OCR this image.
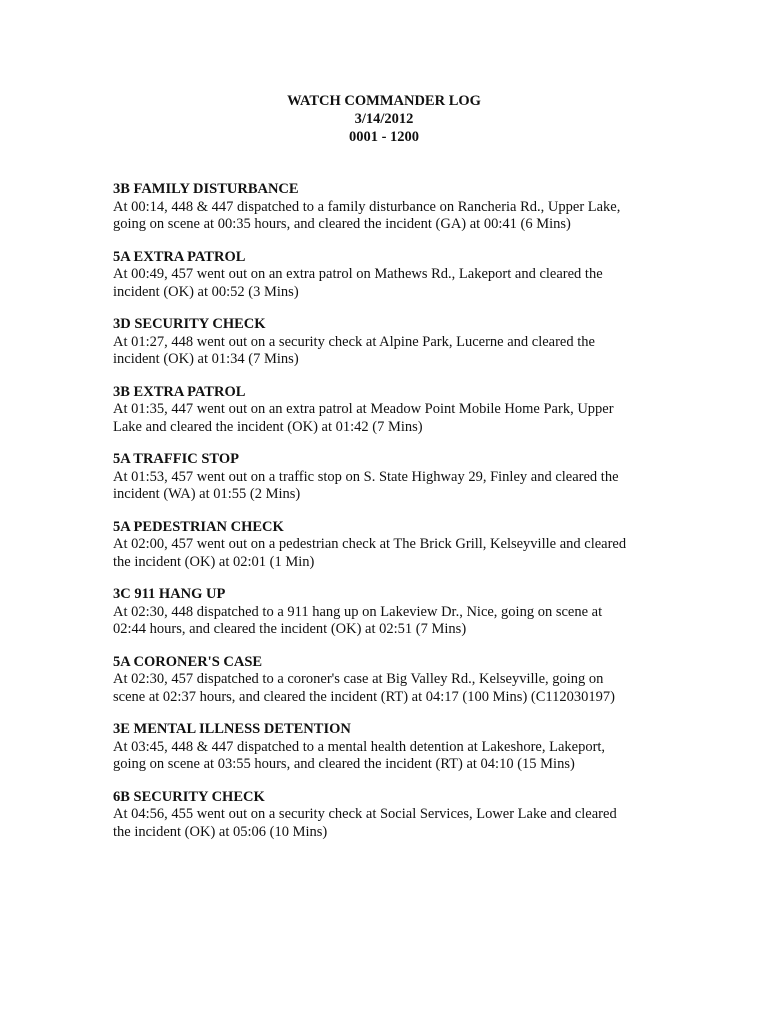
WATCH COMMANDER LOG
3/14/2012
0001 - 1200
3B FAMILY DISTURBANCE
At 00:14, 448 & 447 dispatched to a family disturbance on Rancheria Rd., Upper Lake,
going on scene at 00:35 hours, and cleared the incident (GA) at 00:41 (6 Mins)
5A EXTRA PATROL
At 00:49, 457 went out on an extra patrol on Mathews Rd., Lakeport and cleared the
incident (OK) at 00:52 (3 Mins)
3D SECURITY CHECK
At 01:27, 448 went out on a security check at Alpine Park, Lucerne and cleared the
incident (OK) at 01:34 (7 Mins)
3B EXTRA PATROL
At 01:35, 447 went out on an extra patrol at Meadow Point Mobile Home Park, Upper
Lake and cleared the incident (OK) at 01:42 (7 Mins)
5A TRAFFIC STOP
At 01:53, 457 went out on a traffic stop on S. State Highway 29, Finley and cleared the
incident (WA) at 01:55 (2 Mins)
5A PEDESTRIAN CHECK
At 02:00, 457 went out on a pedestrian check at The Brick Grill, Kelseyville and cleared
the incident (OK) at 02:01 (1 Min)
3C 911 HANG UP
At 02:30, 448 dispatched to a 911 hang up on Lakeview Dr., Nice, going on scene at
02:44 hours, and cleared the incident (OK) at 02:51 (7 Mins)
5A CORONER'S CASE
At 02:30, 457 dispatched to a coroner's case at Big Valley Rd., Kelseyville, going on
scene at 02:37 hours, and cleared the incident (RT) at 04:17 (100 Mins) (C112030197)
3E MENTAL ILLNESS DETENTION
At 03:45, 448 & 447 dispatched to a mental health detention at Lakeshore, Lakeport,
going on scene at 03:55 hours, and cleared the incident (RT) at 04:10 (15 Mins)
6B SECURITY CHECK
At 04:56, 455 went out on a security check at Social Services, Lower Lake and cleared
the incident (OK) at 05:06 (10 Mins)
